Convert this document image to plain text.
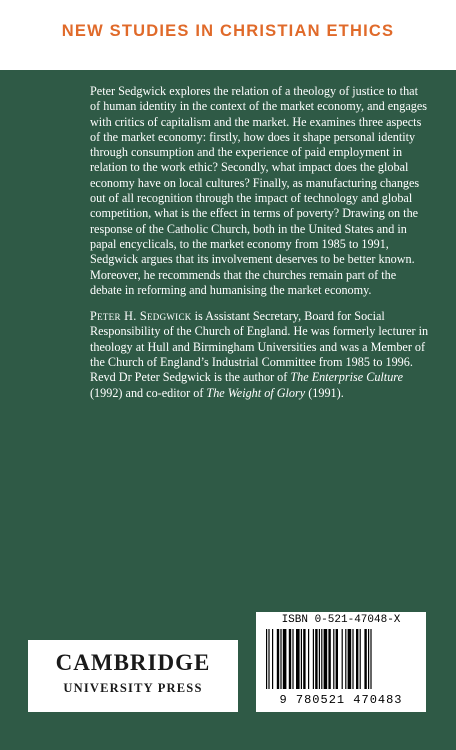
NEW STUDIES IN CHRISTIAN ETHICS

Peter Sedgwick explores the relation of a theology of justice to that of human identity in the context of the market economy, and engages with critics of capitalism and the market. He examines three aspects of the market economy: firstly, how does it shape personal identity through consumption and the experience of paid employment in relation to the work ethic? Secondly, what impact does the global economy have on local cultures? Finally, as manufacturing changes out of all recognition through the impact of technology and global competition, what is the effect in terms of poverty? Drawing on the response of the Catholic Church, both in the United States and in papal encyclicals, to the market economy from 1985 to 1991, Sedgwick argues that its involvement deserves to be better known. Moreover, he recommends that the churches remain part of the debate in reforming and humanising the market economy.

Peter H. Sedgwick is Assistant Secretary, Board for Social Responsibility of the Church of England. He was formerly lecturer in theology at Hull and Birmingham Universities and was a Member of the Church of England’s Industrial Committee from 1985 to 1996. Revd Dr Peter Sedgwick is the author of The Enterprise Culture (1992) and co-editor of The Weight of Glory (1991).

CAMBRIDGE
UNIVERSITY PRESS
ISBN 0-521-47048-X
9 780521 470483
